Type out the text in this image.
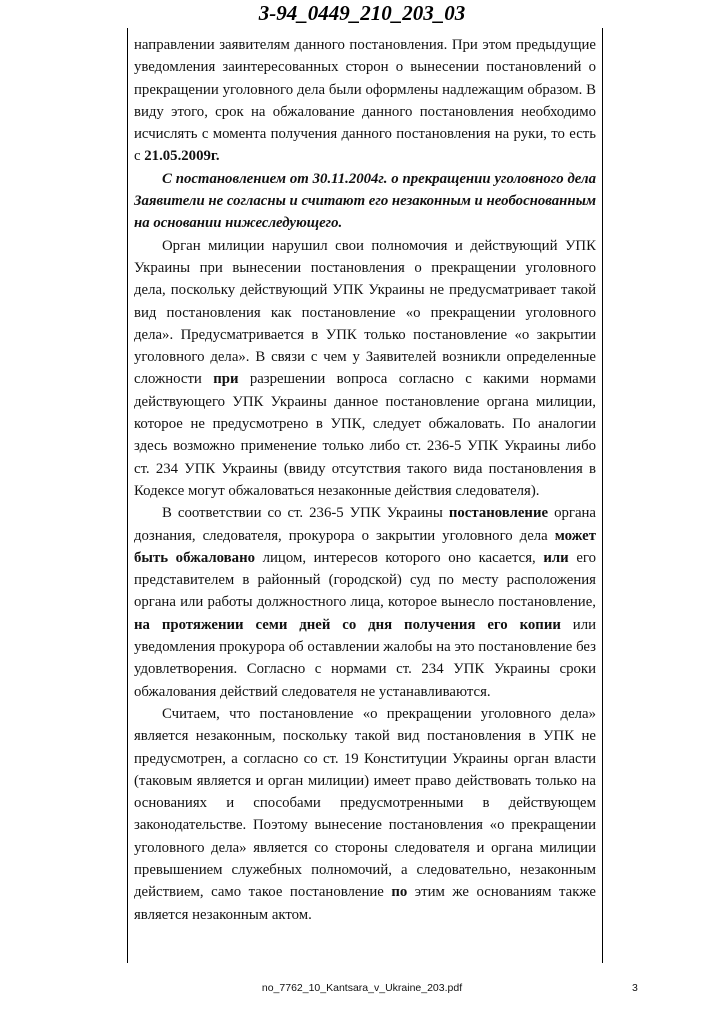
3-94_0449_210_203_03

направлении заявителям данного постановления. При этом предыдущие уведомления заинтересованных сторон о вынесении постановлений о прекращении уголовного дела были оформлены надлежащим образом. В виду этого, срок на обжалование данного постановления необходимо исчислять с момента получения данного постановления на руки, то есть с 21.05.2009г.

С постановлением от 30.11.2004г. о прекращении уголовного дела Заявители не согласны и считают его незаконным и необоснованным на основании нижеследующего.

Орган милиции нарушил свои полномочия и действующий УПК Украины при вынесении постановления о прекращении уголовного дела, поскольку действующий УПК Украины не предусматривает такой вид постановления как постановление «о прекращении уголовного дела». Предусматривается в УПК только постановление «о закрытии уголовного дела». В связи с чем у Заявителей возникли определенные сложности при разрешении вопроса согласно с какими нормами действующего УПК Украины данное постановление органа милиции, которое не предусмотрено в УПК, следует обжаловать. По аналогии здесь возможно применение только либо ст. 236-5 УПК Украины либо ст. 234 УПК Украины (ввиду отсутствия такого вида постановления в Кодексе могут обжаловаться незаконные действия следователя).

В соответствии со ст. 236-5 УПК Украины постановление органа дознания, следователя, прокурора о закрытии уголовного дела может быть обжаловано лицом, интересов которого оно касается, или его представителем в районный (городской) суд по месту расположения органа или работы должностного лица, которое вынесло постановление, на протяжении семи дней со дня получения его копии или уведомления прокурора об оставлении жалобы на это постановление без удовлетворения. Согласно с нормами ст. 234 УПК Украины сроки обжалования действий следователя не устанавливаются.

Считаем, что постановление «о прекращении уголовного дела» является незаконным, поскольку такой вид постановления в УПК не предусмотрен, а согласно со ст. 19 Конституции Украины орган власти (таковым является и орган милиции) имеет право действовать только на основаниях и способами предусмотренными в действующем законодательстве. Поэтому вынесение постановления «о прекращении уголовного дела» является со стороны следователя и органа милиции превышением служебных полномочий, а следовательно, незаконным действием, само такое постановление по этим же основаниям также является незаконным актом.

no_7762_10_Kantsara_v_Ukraine_203.pdf	3
